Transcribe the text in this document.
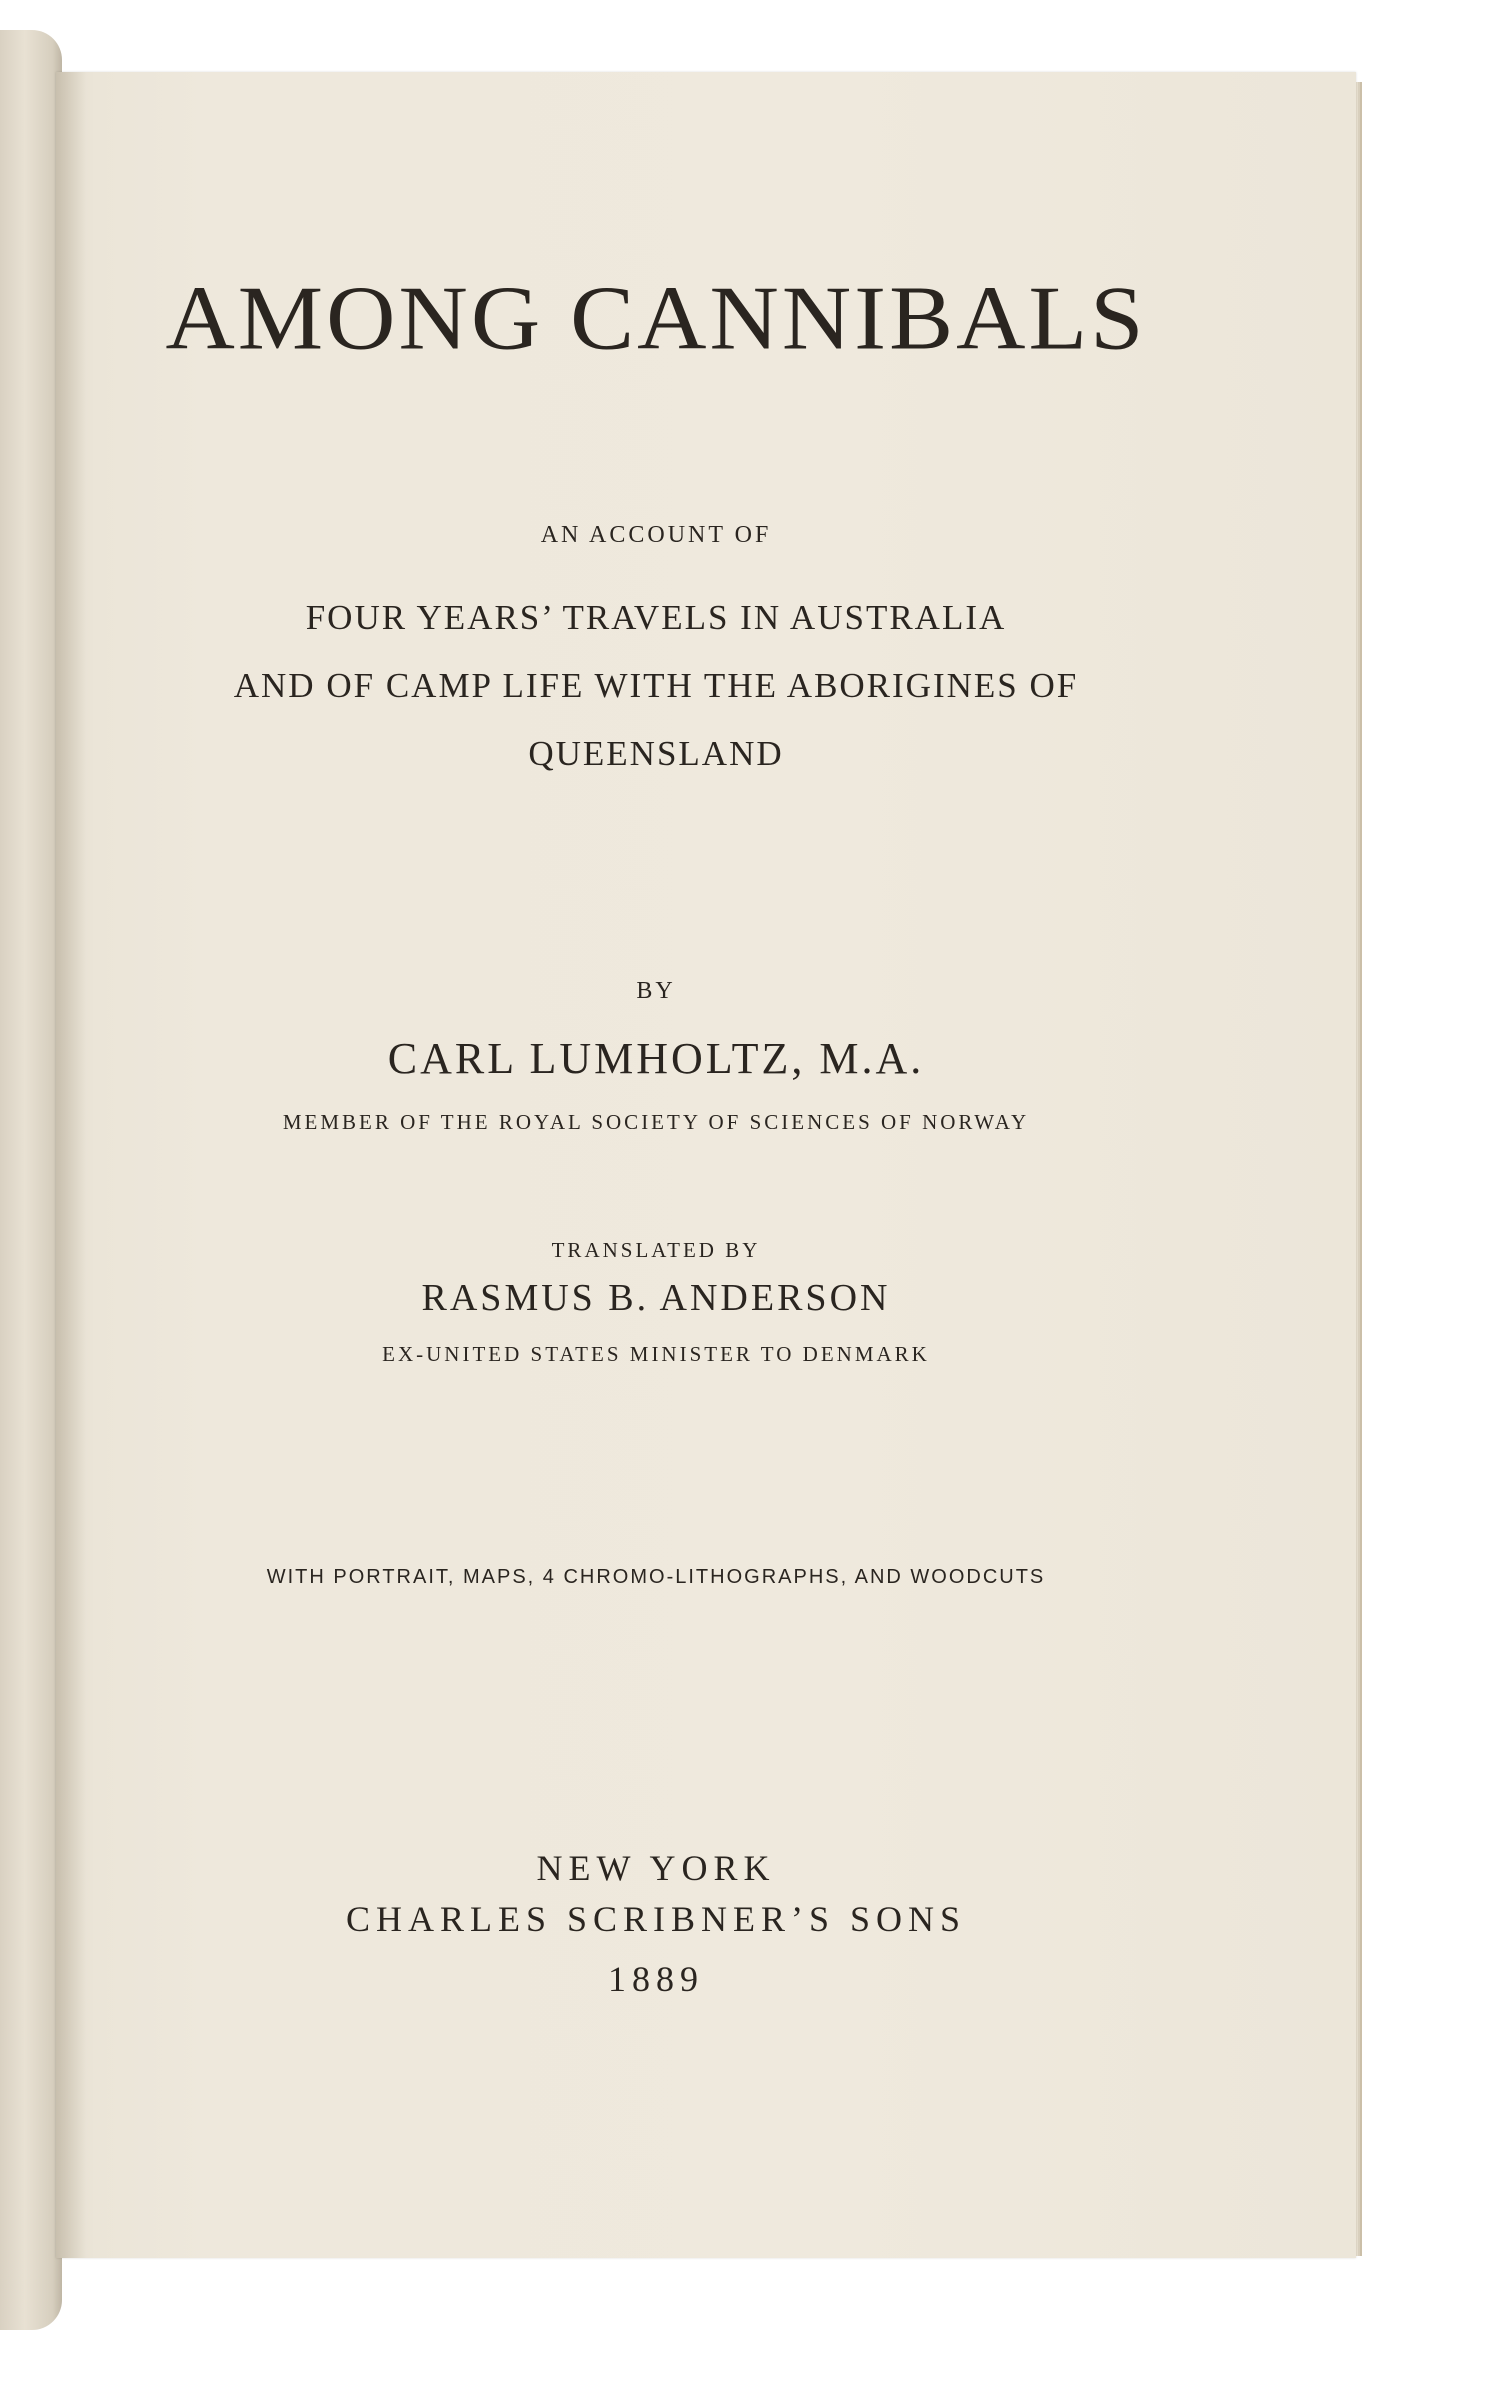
AMONG CANNIBALS
AN ACCOUNT OF
FOUR YEARS’ TRAVELS IN AUSTRALIA
AND OF CAMP LIFE WITH THE ABORIGINES OF
QUEENSLAND
BY
CARL LUMHOLTZ, M.A.
MEMBER OF THE ROYAL SOCIETY OF SCIENCES OF NORWAY
TRANSLATED BY
RASMUS B. ANDERSON
EX-UNITED STATES MINISTER TO DENMARK
WITH PORTRAIT, MAPS, 4 CHROMO-LITHOGRAPHS, AND WOODCUTS
NEW YORK
CHARLES SCRIBNER’S SONS
1889
